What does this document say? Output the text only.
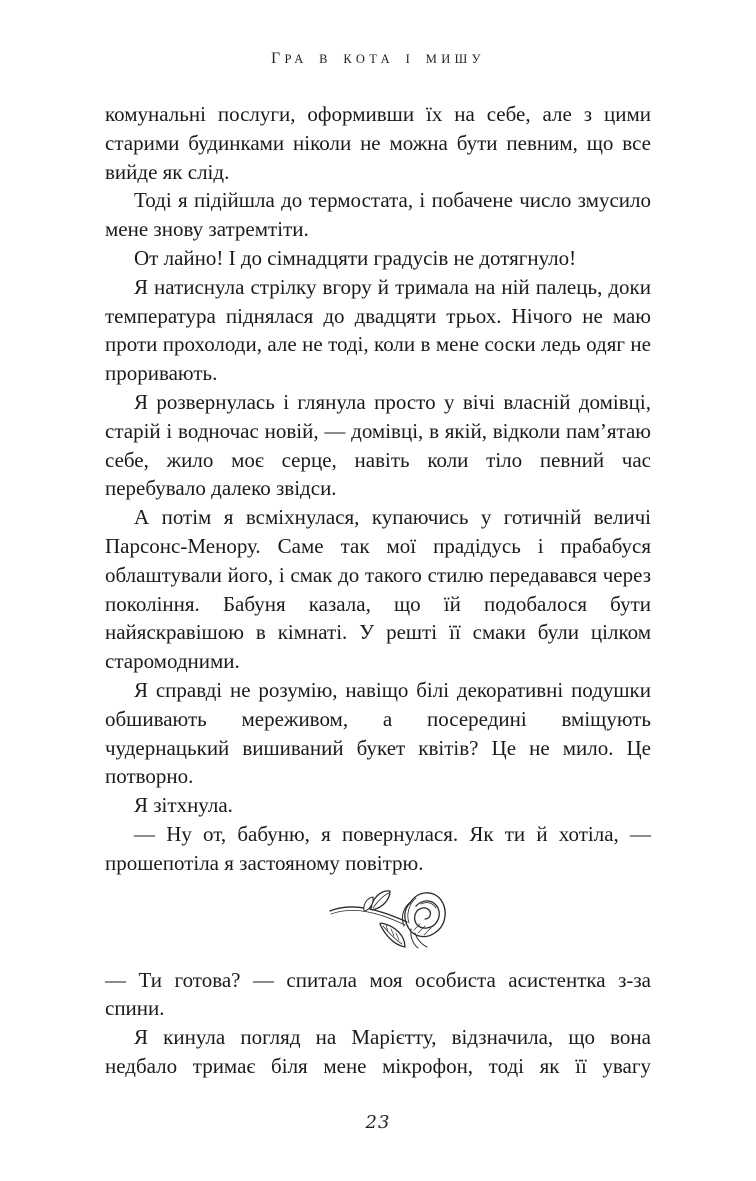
ГРА В КОТА І МИШУ

комунальні послуги, оформивши їх на себе, але з цими старими будинками ніколи не можна бути певним, що все вийде як слід.

Тоді я підійшла до термостата, і побачене число змусило мене знову затремтіти.

От лайно! І до сімнадцяти градусів не дотягнуло!

Я натиснула стрілку вгору й тримала на ній палець, доки температура піднялася до двадцяти трьох. Нічого не маю проти прохолоди, але не тоді, коли в мене соски ледь одяг не проривають.

Я розвернулась і глянула просто у вічі власній домівці, старій і водночас новій, — домівці, в якій, відколи пам’ятаю себе, жило моє серце, навіть коли тіло певний час перебувало далеко звідси.

А потім я всміхнулася, купаючись у готичній величі Парсонс-Менору. Саме так мої прадідусь і прабабуся облаштували його, і смак до такого стилю передавався через покоління. Бабуня казала, що їй подобалося бути найяскравішою в кімнаті. У решті її смаки були цілком старомодними.

Я справді не розумію, навіщо білі декоративні подушки обшивають мереживом, а посередині вміщують чудернацький вишиваний букет квітів? Це не мило. Це потворно.

Я зітхнула.

— Ну от, бабуню, я повернулася. Як ти й хотіла, — прошепотіла я застояному повітрю.

— Ти готова? — спитала моя особиста асистентка з-за спини.

Я кинула погляд на Марієтту, відзначила, що вона недбало тримає біля мене мікрофон, тоді як її увагу

23
